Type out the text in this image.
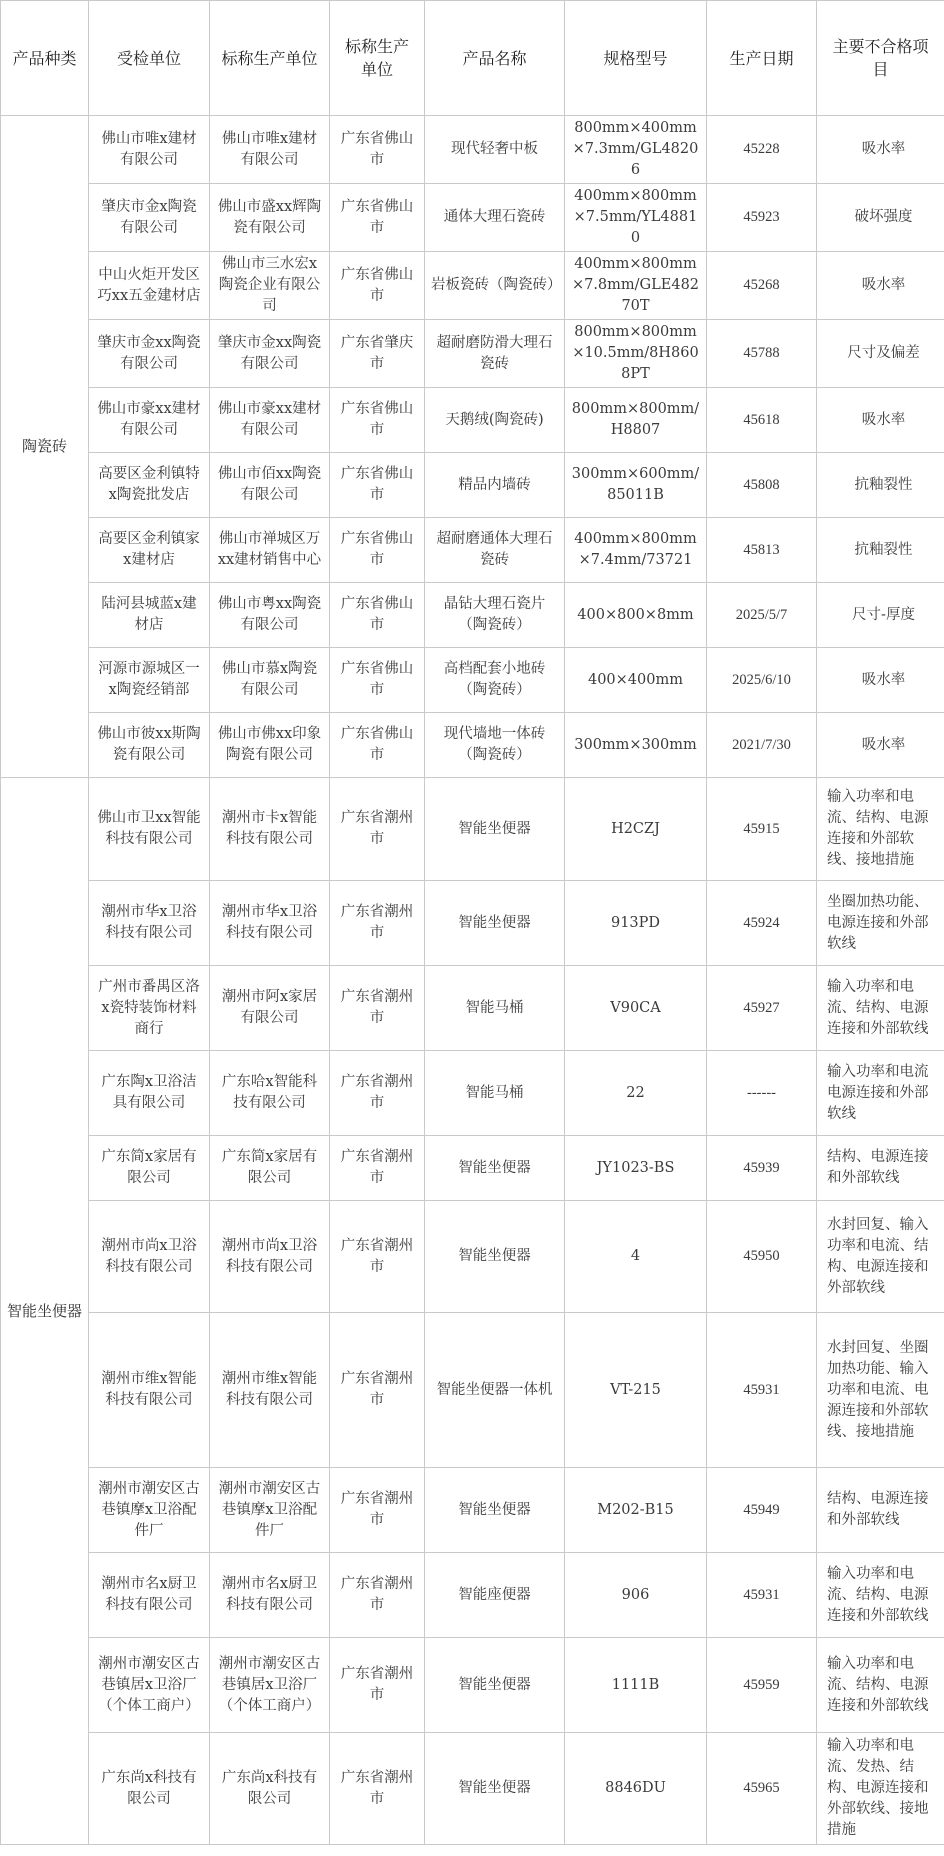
产品种类	受检单位	标称生产单位	标称生产单位	产品名称	规格型号	生产日期	主要不合格项目
陶瓷砖	佛山市唯x建材有限公司	佛山市唯x建材有限公司	广东省佛山市	现代轻奢中板	800mm×400mm×7.3mm/GL48206	45228	吸水率
	肇庆市金x陶瓷有限公司	佛山市盛xx辉陶瓷有限公司	广东省佛山市	通体大理石瓷砖	400mm×800mm×7.5mm/YL48810	45923	破坏强度
	中山火炬开发区巧xx五金建材店	佛山市三水宏x陶瓷企业有限公司	广东省佛山市	岩板瓷砖（陶瓷砖）	400mm×800mm×7.8mm/GLE48270T	45268	吸水率
	肇庆市金xx陶瓷有限公司	肇庆市金xx陶瓷有限公司	广东省肇庆市	超耐磨防滑大理石瓷砖	800mm×800mm×10.5mm/8H8608PT	45788	尺寸及偏差
	佛山市豪xx建材有限公司	佛山市豪xx建材有限公司	广东省佛山市	天鹅绒(陶瓷砖)	800mm×800mm/H8807	45618	吸水率
	高要区金利镇特x陶瓷批发店	佛山市佰xx陶瓷有限公司	广东省佛山市	精品内墙砖	300mm×600mm/85011B	45808	抗釉裂性
	高要区金利镇家x建材店	佛山市禅城区万xx建材销售中心	广东省佛山市	超耐磨通体大理石瓷砖	400mm×800mm×7.4mm/73721	45813	抗釉裂性
	陆河县城蓝x建材店	佛山市粤xx陶瓷有限公司	广东省佛山市	晶钻大理石瓷片（陶瓷砖）	400×800×8mm	2025/5/7	尺寸-厚度
	河源市源城区一x陶瓷经销部	佛山市慕x陶瓷有限公司	广东省佛山市	高档配套小地砖（陶瓷砖）	400×400mm	2025/6/10	吸水率
	佛山市彼xx斯陶瓷有限公司	佛山市佛xx印象陶瓷有限公司	广东省佛山市	现代墙地一体砖（陶瓷砖）	300mm×300mm	2021/7/30	吸水率
智能坐便器	佛山市卫xx智能科技有限公司	潮州市卡x智能科技有限公司	广东省潮州市	智能坐便器	H2CZJ	45915	输入功率和电流、结构、电源连接和外部软线、接地措施
	潮州市华x卫浴科技有限公司	潮州市华x卫浴科技有限公司	广东省潮州市	智能坐便器	913PD	45924	坐圈加热功能、电源连接和外部软线
	广州市番禺区洛x瓷特装饰材料商行	潮州市阿x家居有限公司	广东省潮州市	智能马桶	V90CA	45927	输入功率和电流、结构、电源连接和外部软线
	广东陶x卫浴洁具有限公司	广东哈x智能科技有限公司	广东省潮州市	智能马桶	22	------	输入功率和电流电源连接和外部软线
	广东简x家居有限公司	广东简x家居有限公司	广东省潮州市	智能坐便器	JY1023-BS	45939	结构、电源连接和外部软线
	潮州市尚x卫浴科技有限公司	潮州市尚x卫浴科技有限公司	广东省潮州市	智能坐便器	4	45950	水封回复、输入功率和电流、结构、电源连接和外部软线
	潮州市维x智能科技有限公司	潮州市维x智能科技有限公司	广东省潮州市	智能坐便器一体机	VT-215	45931	水封回复、坐圈加热功能、输入功率和电流、电源连接和外部软线、接地措施
	潮州市潮安区古巷镇摩x卫浴配件厂	潮州市潮安区古巷镇摩x卫浴配件厂	广东省潮州市	智能坐便器	M202-B15	45949	结构、电源连接和外部软线
	潮州市名x厨卫科技有限公司	潮州市名x厨卫科技有限公司	广东省潮州市	智能座便器	906	45931	输入功率和电流、结构、电源连接和外部软线
	潮州市潮安区古巷镇居x卫浴厂（个体工商户）	潮州市潮安区古巷镇居x卫浴厂（个体工商户）	广东省潮州市	智能坐便器	1111B	45959	输入功率和电流、结构、电源连接和外部软线
	广东尚x科技有限公司	广东尚x科技有限公司	广东省潮州市	智能坐便器	8846DU	45965	输入功率和电流、发热、结构、电源连接和外部软线、接地措施
